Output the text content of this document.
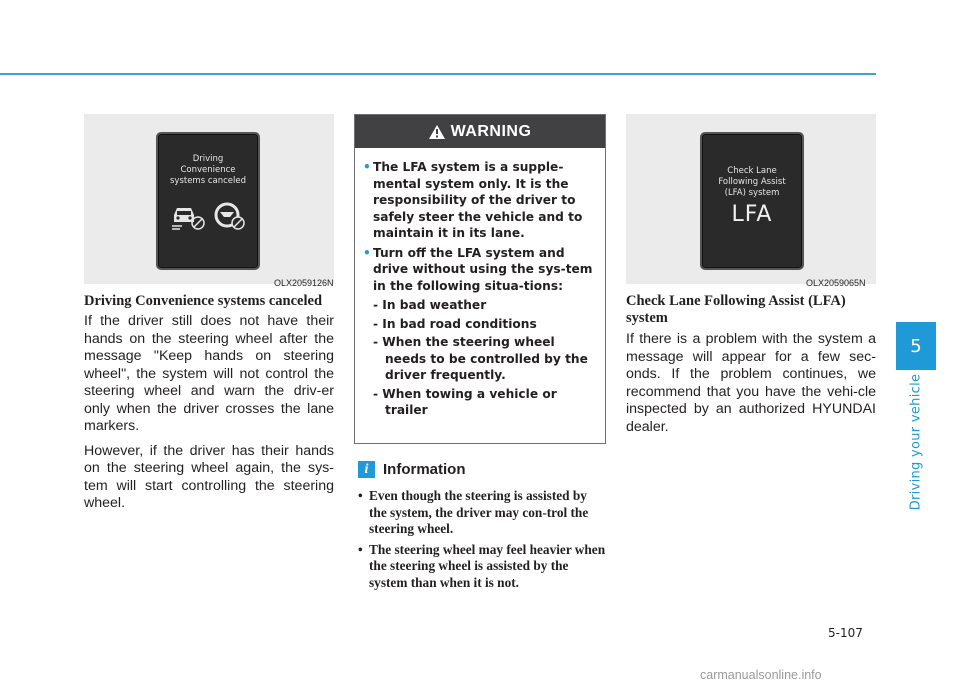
5
Driving your vehicle
Driving
Convenience
systems canceled
OLX2059126N
Driving Convenience systems canceled

If the driver still does not have their hands on the steering wheel after the message "Keep hands on steering wheel", the system will not control the steering wheel and warn the driv-er only when the driver crosses the lane markers.

However, if the driver has their hands on the steering wheel again, the sys-tem will start controlling the steering wheel.

WARNING
• The LFA system is a supple-mental system only. It is the responsibility of the driver to safely steer the vehicle and to maintain it in its lane.
• Turn off the LFA system and drive without using the sys-tem in the following situa-tions:
- In bad weather
- In bad road conditions
- When the steering wheel needs to be controlled by the driver frequently.
- When towing a vehicle or trailer
i Information
• Even though the steering is assisted by the system, the driver may con-trol the steering wheel.
• The steering wheel may feel heavier when the steering wheel is assisted by the system than when it is not.
Check Lane
Following Assist
(LFA) system
LFA
OLX2059065N
Check Lane Following Assist (LFA) system

If there is a problem with the system a message will appear for a few sec-onds. If the problem continues, we recommend that you have the vehi-cle inspected by an authorized HYUNDAI dealer.

5-107
carmanualsonline.info
